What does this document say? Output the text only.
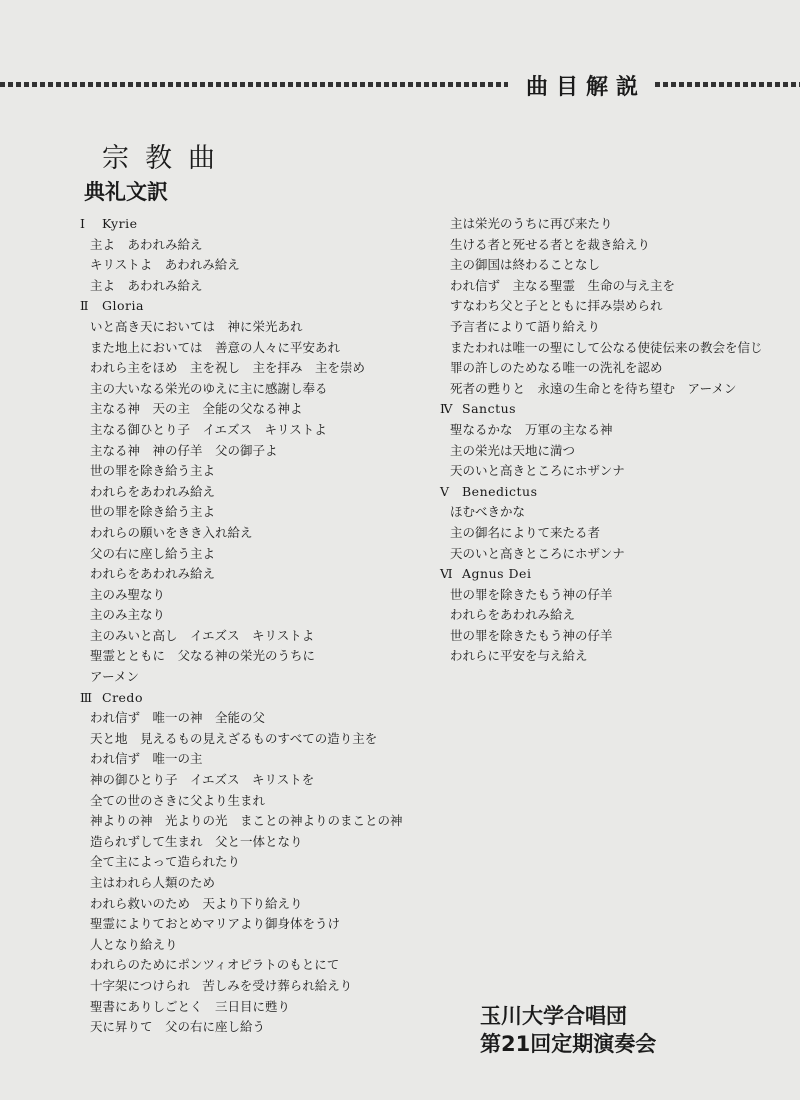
曲目解説
宗教曲
典礼文訳
Ⅰ Kyrie
主よ　あわれみ給え
キリストよ　あわれみ給え
主よ　あわれみ給え
Ⅱ Gloria
いと高き天においては　神に栄光あれ
また地上においては　善意の人々に平安あれ
われら主をほめ　主を祝し　主を拝み　主を崇め
主の大いなる栄光のゆえに主に感謝し奉る
主なる神　天の主　全能の父なる神よ
主なる御ひとり子　イエズス　キリストよ
主なる神　神の仔羊　父の御子よ
世の罪を除き給う主よ
われらをあわれみ給え
世の罪を除き給う主よ
われらの願いをきき入れ給え
父の右に座し給う主よ
われらをあわれみ給え
主のみ聖なり
主のみ主なり
主のみいと高し　イエズス　キリストよ
聖霊とともに　父なる神の栄光のうちに
アーメン
Ⅲ Credo
われ信ず　唯一の神　全能の父
天と地　見えるもの見えざるものすべての造り主を
われ信ず　唯一の主
神の御ひとり子　イエズス　キリストを
全ての世のさきに父より生まれ
神よりの神　光よりの光　まことの神よりのまことの神
造られずして生まれ　父と一体となり
全て主によって造られたり
主はわれら人類のため
われら救いのため　天より下り給えり
聖霊によりておとめマリアより御身体をうけ
人となり給えり
われらのためにポンツィオピラトのもとにて
十字架につけられ　苦しみを受け葬られ給えり
聖書にありしごとく　三日目に甦り
天に昇りて　父の右に座し給う
主は栄光のうちに再び来たり
生ける者と死せる者とを裁き給えり
主の御国は終わることなし
われ信ず　主なる聖霊　生命の与え主を
すなわち父と子とともに拝み崇められ
予言者によりて語り給えり
またわれは唯一の聖にして公なる使徒伝来の教会を信じ
罪の許しのためなる唯一の洗礼を認め
死者の甦りと　永遠の生命とを待ち望む　アーメン
Ⅳ Sanctus
聖なるかな　万軍の主なる神
主の栄光は天地に満つ
天のいと高きところにホザンナ
Ⅴ Benedictus
ほむべきかな
主の御名によりて来たる者
天のいと高きところにホザンナ
Ⅵ Agnus Dei
世の罪を除きたもう神の仔羊
われらをあわれみ給え
世の罪を除きたもう神の仔羊
われらに平安を与え給え
玉川大学合唱団
第21回定期演奏会
